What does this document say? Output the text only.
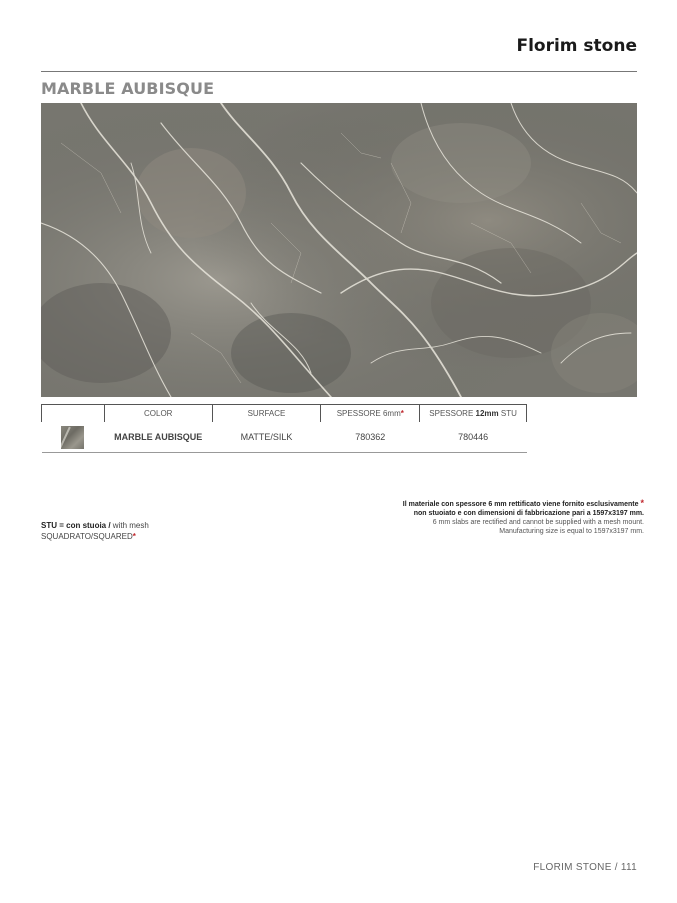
Florim stone
MARBLE AUBISQUE
	COLOR	SURFACE	SPESSORE 6mm*	SPESSORE 12mm STU
	MARBLE AUBISQUE	MATTE/SILK	780362	780446
Il materiale con spessore 6 mm rettificato viene fornito esclusivamente *
non stuoiato e con dimensioni di fabbricazione pari a 1597x3197 mm.
6 mm slabs are rectified and cannot be supplied with a mesh mount.
Manufacturing size is equal to 1597x3197 mm.
STU = con stuoia / with mesh
SQUADRATO/SQUARED*
FLORIM STONE / 111
